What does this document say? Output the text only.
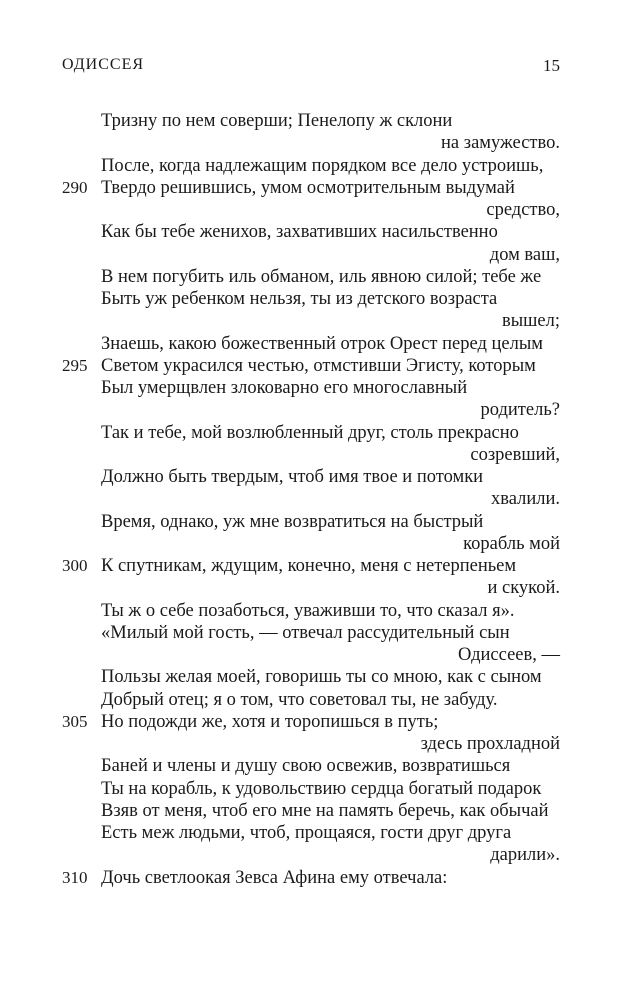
ОДИССЕЯ	15
Тризну по нем соверши; Пенелопу ж склони
на замужество.
После, когда надлежащим порядком все дело устроишь,
290 Твердо решившись, умом осмотрительным выдумай
средство,
Как бы тебе женихов, захвативших насильственно
дом ваш,
В нем погубить иль обманом, иль явною силой; тебе же
Быть уж ребенком нельзя, ты из детского возраста
вышел;
Знаешь, какою божественный отрок Орест перед целым
295 Светом украсился честью, отмстивши Эгисту, которым
Был умерщвлен злоковарно его многославный
родитель?
Так и тебе, мой возлюбленный друг, столь прекрасно
созревший,
Должно быть твердым, чтоб имя твое и потомки
хвалили.
Время, однако, уж мне возвратиться на быстрый
корабль мой
300 К спутникам, ждущим, конечно, меня с нетерпеньем
и скукой.
Ты ж о себе позаботься, уваживши то, что сказал я».
«Милый мой гость, — отвечал рассудительный сын
Одиссеев, —
Пользы желая моей, говоришь ты со мною, как с сыном
Добрый отец; я о том, что советовал ты, не забуду.
305 Но подожди же, хотя и торопишься в путь;
здесь прохладной
Баней и члены и душу свою освежив, возвратишься
Ты на корабль, к удовольствию сердца богатый подарок
Взяв от меня, чтоб его мне на память беречь, как обычай
Есть меж людьми, чтоб, прощаяся, гости друг друга
дарили».
310 Дочь светлоокая Зевса Афина ему отвечала:
